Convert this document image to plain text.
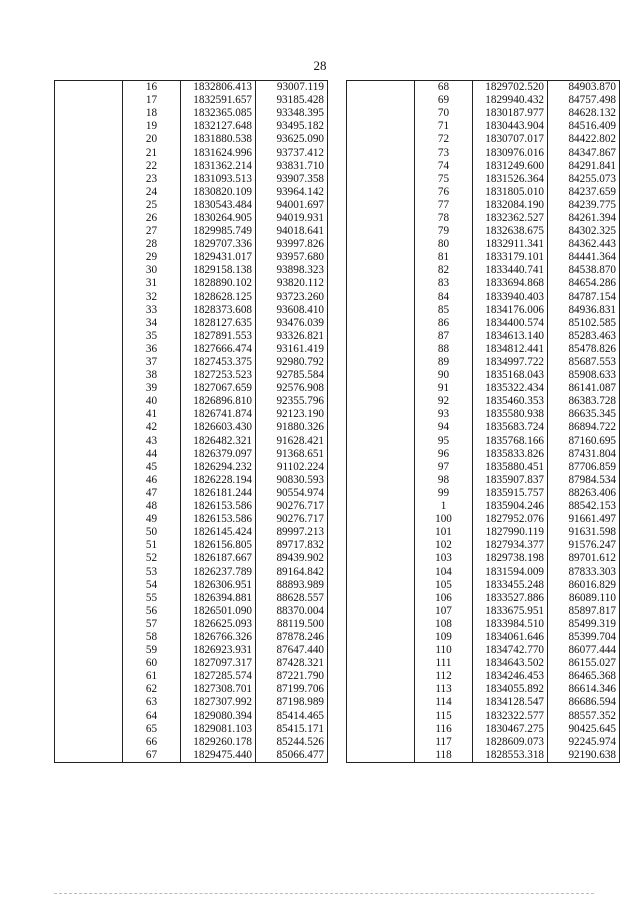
28
	16	1832806.413	93007.119
	17	1832591.657	93185.428
	18	1832365.085	93348.395
	19	1832127.648	93495.182
	20	1831880.538	93625.090
	21	1831624.996	93737.412
	22	1831362.214	93831.710
	23	1831093.513	93907.358
	24	1830820.109	93964.142
	25	1830543.484	94001.697
	26	1830264.905	94019.931
	27	1829985.749	94018.641
	28	1829707.336	93997.826
	29	1829431.017	93957.680
	30	1829158.138	93898.323
	31	1828890.102	93820.112
	32	1828628.125	93723.260
	33	1828373.608	93608.410
	34	1828127.635	93476.039
	35	1827891.553	93326.821
	36	1827666.474	93161.419
	37	1827453.375	92980.792
	38	1827253.523	92785.584
	39	1827067.659	92576.908
	40	1826896.810	92355.796
	41	1826741.874	92123.190
	42	1826603.430	91880.326
	43	1826482.321	91628.421
	44	1826379.097	91368.651
	45	1826294.232	91102.224
	46	1826228.194	90830.593
	47	1826181.244	90554.974
	48	1826153.586	90276.717
	49	1826153.586	90276.717
	50	1826145.424	89997.213
	51	1826156.805	89717.832
	52	1826187.667	89439.902
	53	1826237.789	89164.842
	54	1826306.951	88893.989
	55	1826394.881	88628.557
	56	1826501.090	88370.004
	57	1826625.093	88119.500
	58	1826766.326	87878.246
	59	1826923.931	87647.440
	60	1827097.317	87428.321
	61	1827285.574	87221.790
	62	1827308.701	87199.706
	63	1827307.992	87198.989
	64	1829080.394	85414.465
	65	1829081.103	85415.171
	66	1829260.178	85244.526
	67	1829475.440	85066.477
	68	1829702.520	84903.870
	69	1829940.432	84757.498
	70	1830187.977	84628.132
	71	1830443.904	84516.409
	72	1830707.017	84422.802
	73	1830976.016	84347.867
	74	1831249.600	84291.841
	75	1831526.364	84255.073
	76	1831805.010	84237.659
	77	1832084.190	84239.775
	78	1832362.527	84261.394
	79	1832638.675	84302.325
	80	1832911.341	84362.443
	81	1833179.101	84441.364
	82	1833440.741	84538.870
	83	1833694.868	84654.286
	84	1833940.403	84787.154
	85	1834176.006	84936.831
	86	1834400.574	85102.585
	87	1834613.140	85283.463
	88	1834812.441	85478.826
	89	1834997.722	85687.553
	90	1835168.043	85908.633
	91	1835322.434	86141.087
	92	1835460.353	86383.728
	93	1835580.938	86635.345
	94	1835683.724	86894.722
	95	1835768.166	87160.695
	96	1835833.826	87431.804
	97	1835880.451	87706.859
	98	1835907.837	87984.534
	99	1835915.757	88263.406
	1	1835904.246	88542.153
	100	1827952.076	91661.497
	101	1827990.119	91631.598
	102	1827934.377	91576.247
	103	1829738.198	89701.612
	104	1831594.009	87833.303
	105	1833455.248	86016.829
	106	1833527.886	86089.110
	107	1833675.951	85897.817
	108	1833984.510	85499.319
	109	1834061.646	85399.704
	110	1834742.770	86077.444
	111	1834643.502	86155.027
	112	1834246.453	86465.368
	113	1834055.892	86614.346
	114	1834128.547	86686.594
	115	1832322.577	88557.352
	116	1830467.275	90425.645
	117	1828609.073	92245.974
	118	1828553.318	92190.638
